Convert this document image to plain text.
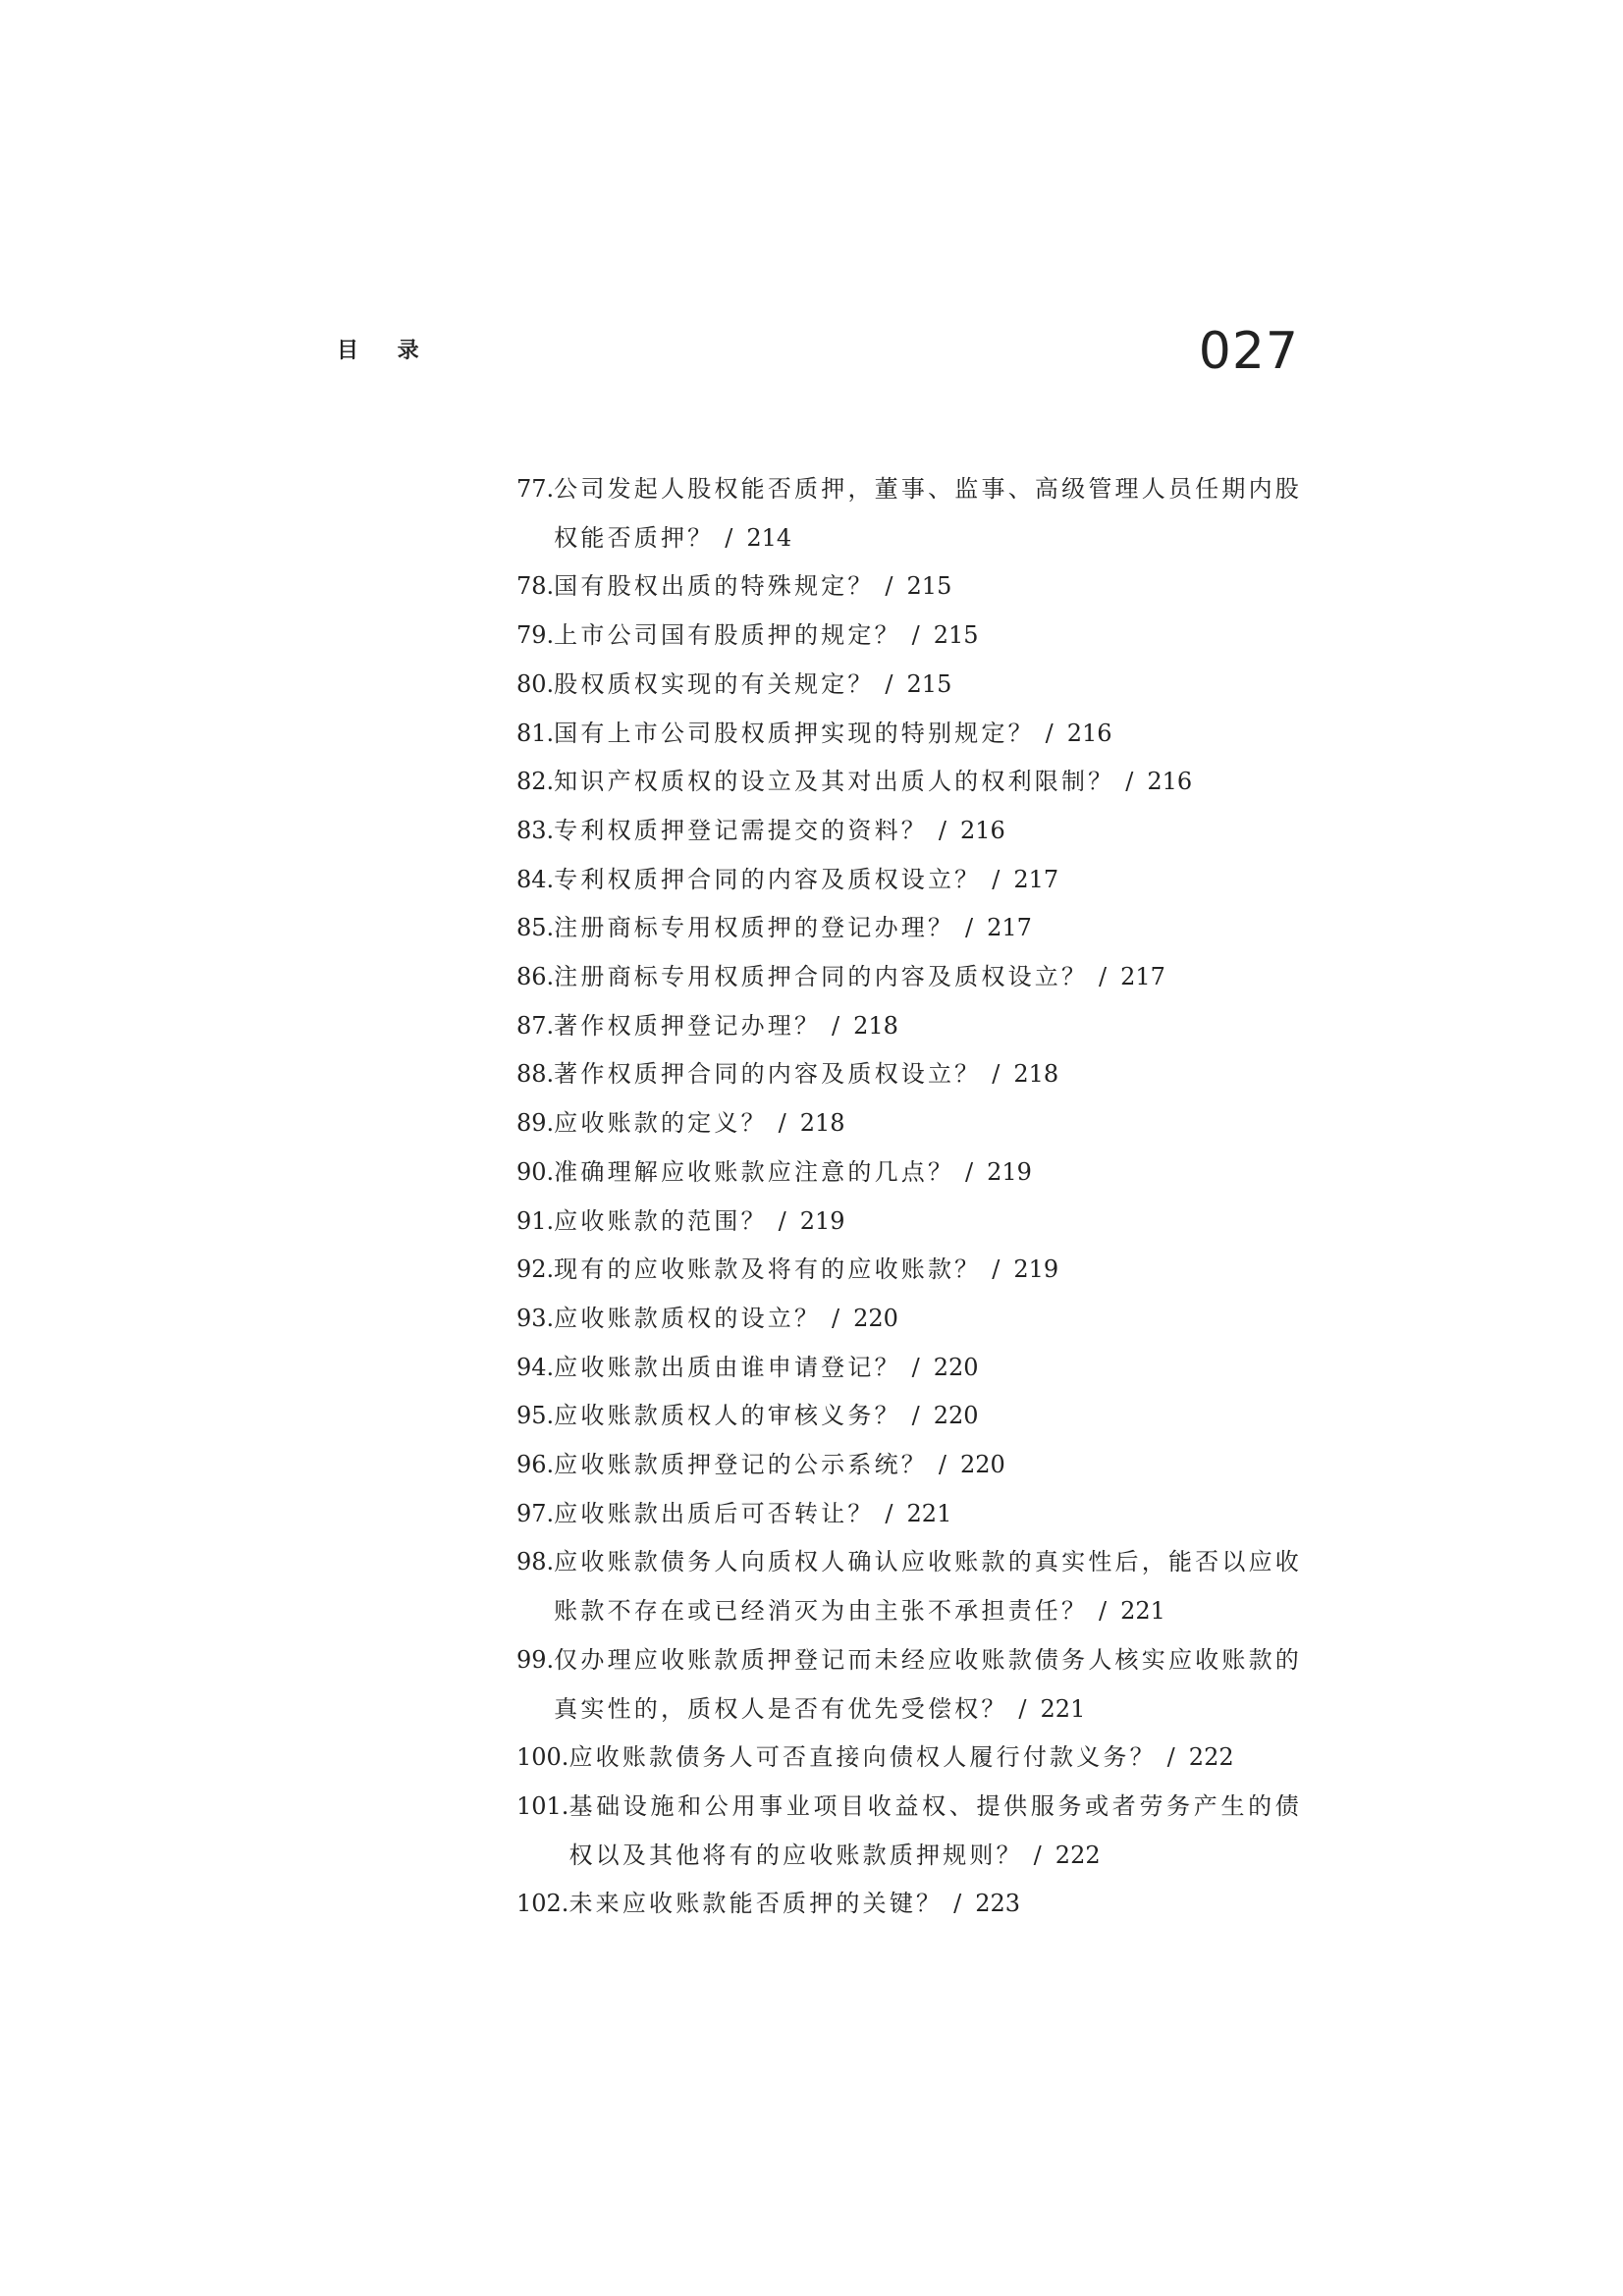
目 录	027
77. 公司发起人股权能否质押，董事、监事、高级管理人员任期内股权能否质押？ / 214
78. 国有股权出质的特殊规定？ / 215
79. 上市公司国有股质押的规定？ / 215
80. 股权质权实现的有关规定？ / 215
81. 国有上市公司股权质押实现的特别规定？ / 216
82. 知识产权质权的设立及其对出质人的权利限制？ / 216
83. 专利权质押登记需提交的资料？ / 216
84. 专利权质押合同的内容及质权设立？ / 217
85. 注册商标专用权质押的登记办理？ / 217
86. 注册商标专用权质押合同的内容及质权设立？ / 217
87. 著作权质押登记办理？ / 218
88. 著作权质押合同的内容及质权设立？ / 218
89. 应收账款的定义？ / 218
90. 准确理解应收账款应注意的几点？ / 219
91. 应收账款的范围？ / 219
92. 现有的应收账款及将有的应收账款？ / 219
93. 应收账款质权的设立？ / 220
94. 应收账款出质由谁申请登记？ / 220
95. 应收账款质权人的审核义务？ / 220
96. 应收账款质押登记的公示系统？ / 220
97. 应收账款出质后可否转让？ / 221
98. 应收账款债务人向质权人确认应收账款的真实性后，能否以应收账款不存在或已经消灭为由主张不承担责任？ / 221
99. 仅办理应收账款质押登记而未经应收账款债务人核实应收账款的真实性的，质权人是否有优先受偿权？ / 221
100. 应收账款债务人可否直接向债权人履行付款义务？ / 222
101. 基础设施和公用事业项目收益权、提供服务或者劳务产生的债权以及其他将有的应收账款质押规则？ / 222
102. 未来应收账款能否质押的关键？ / 223
